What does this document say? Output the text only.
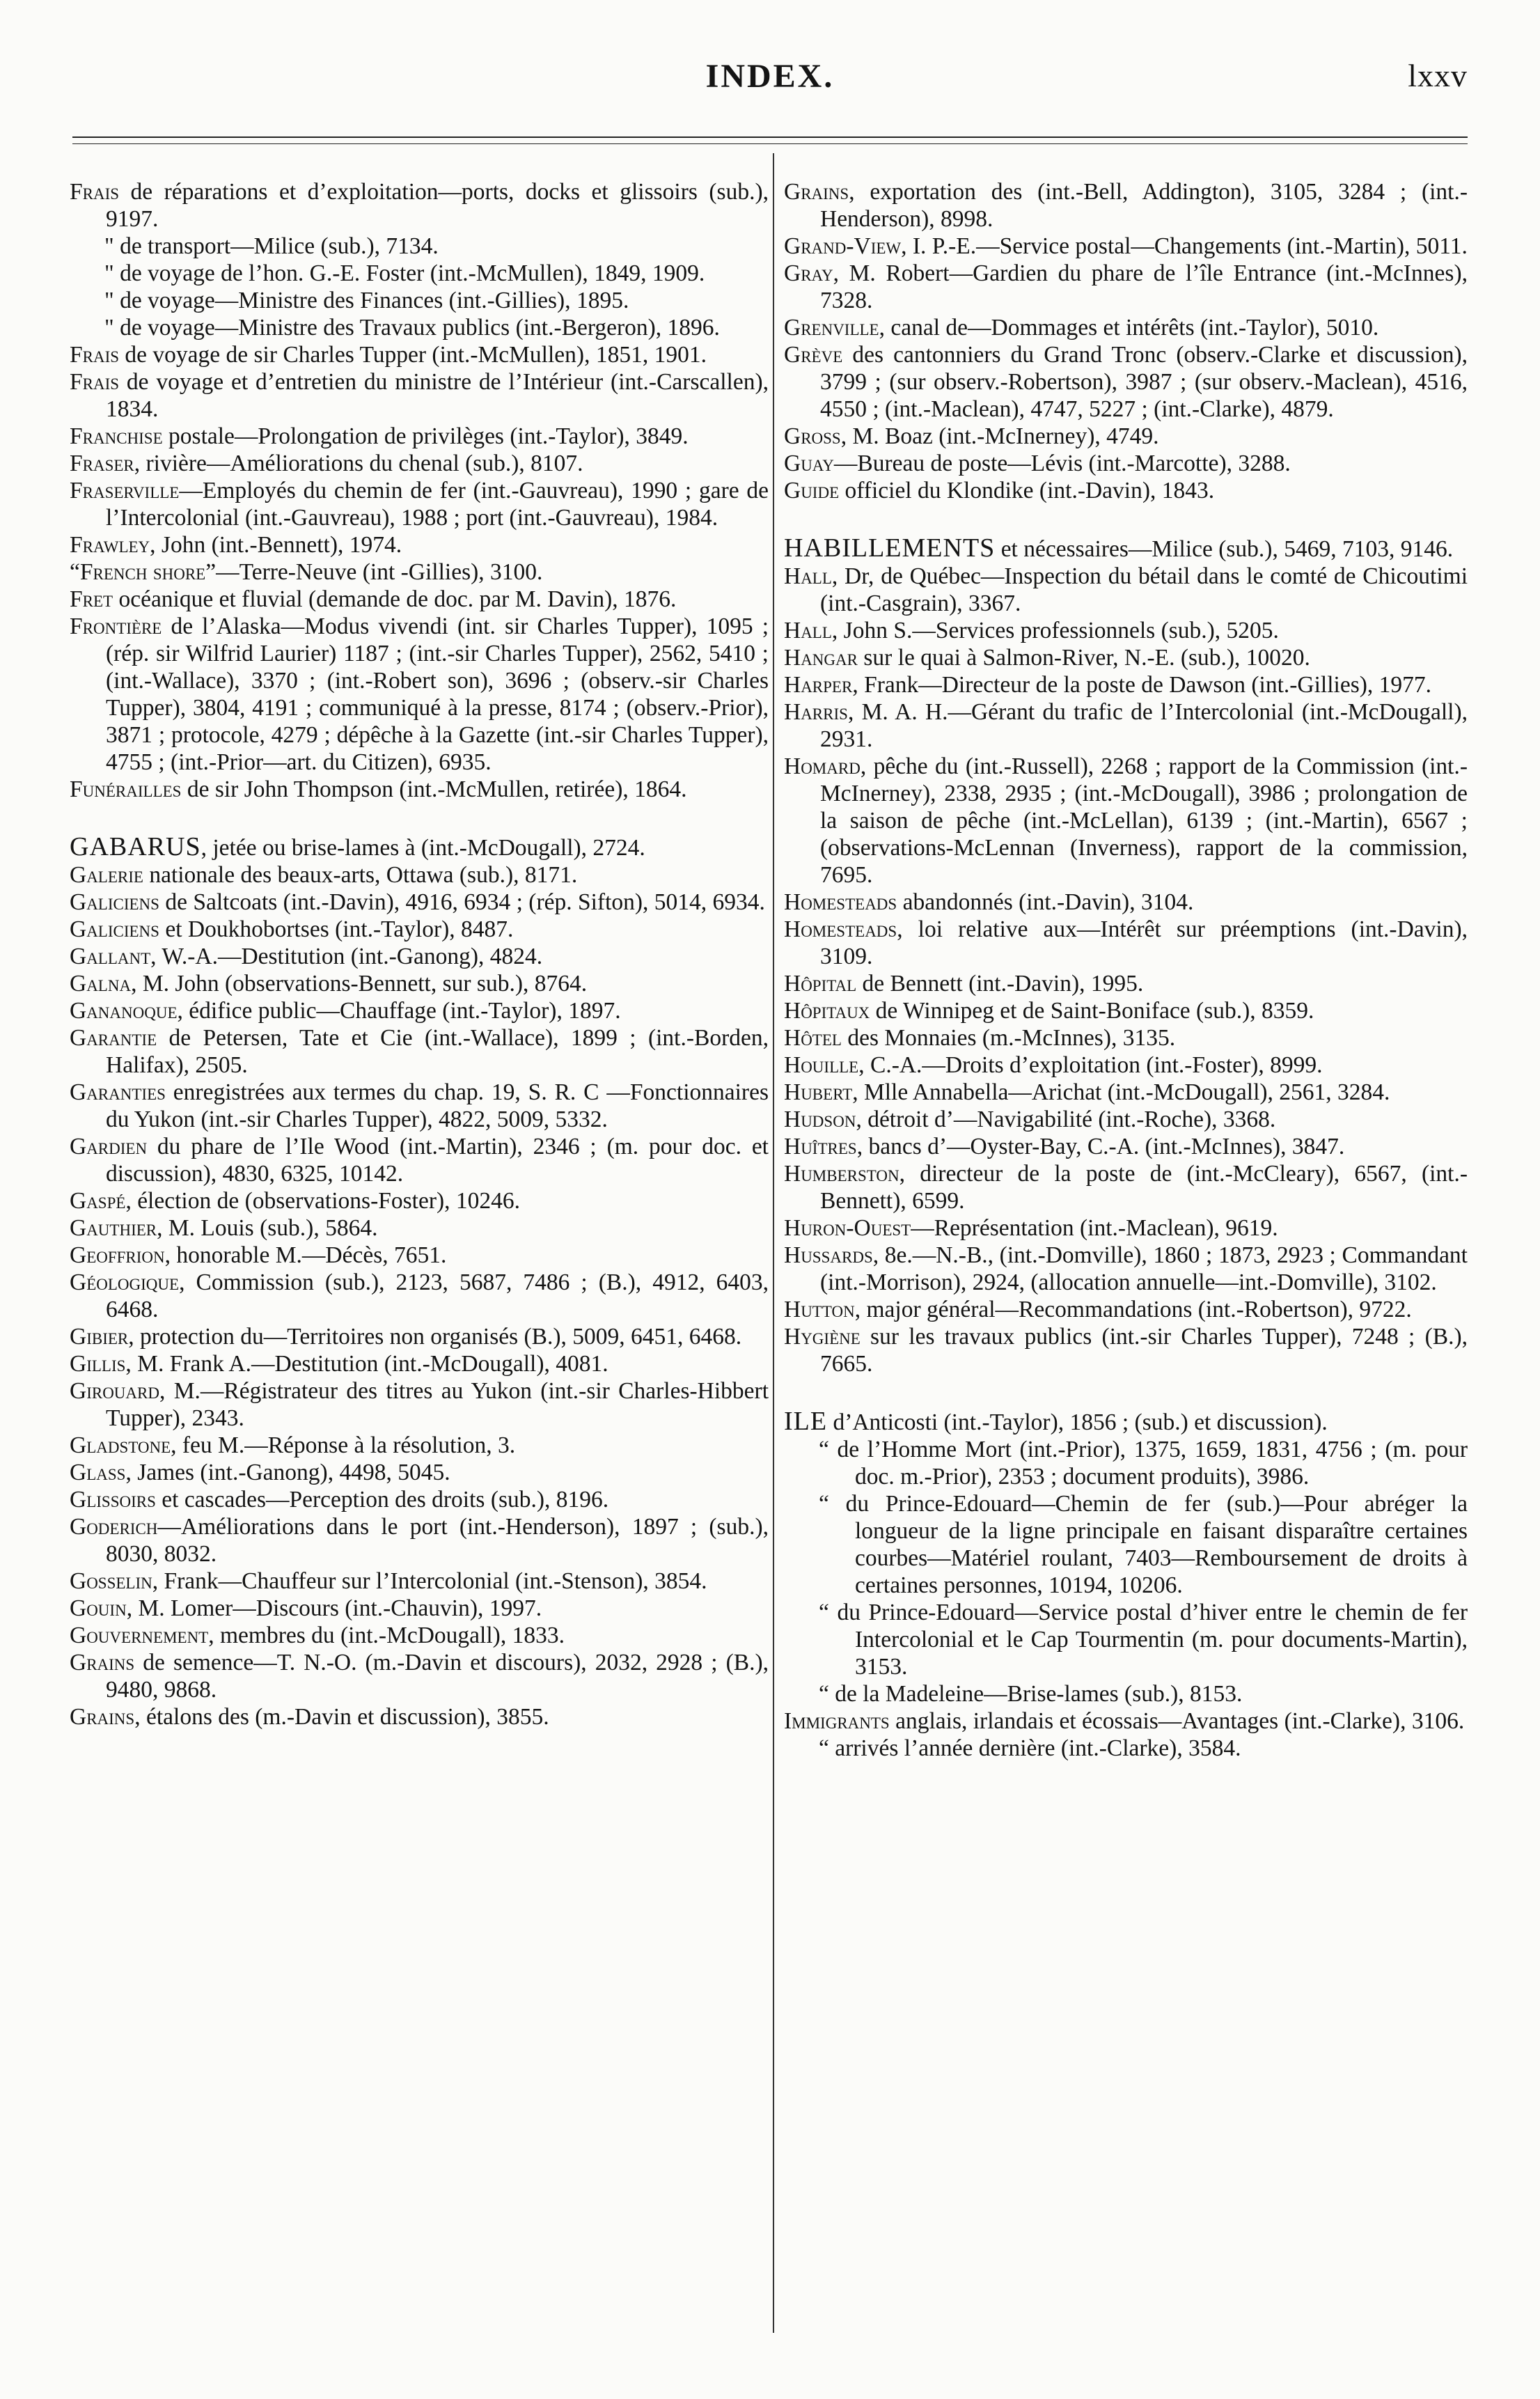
INDEX.	lxxv

Frais de réparations et d’exploitation—ports, docks et glissoirs (sub.), 9197.

" de transport—Milice (sub.), 7134.

" de voyage de l’hon. G.-E. Foster (int.-McMullen), 1849, 1909.

" de voyage—Ministre des Finances (int.-Gillies), 1895.

" de voyage—Ministre des Travaux publics (int.-Bergeron), 1896.

Frais de voyage de sir Charles Tupper (int.-McMullen), 1851, 1901.

Frais de voyage et d’entretien du ministre de l’Intérieur (int.-Carscallen), 1834.

Franchise postale—Prolongation de privilèges (int.-Taylor), 3849.

Fraser, rivière—Améliorations du chenal (sub.), 8107.

Fraserville—Employés du chemin de fer (int.-Gauvreau), 1990 ; gare de l’Intercolonial (int.-Gauvreau), 1988 ; port (int.-Gauvreau), 1984.

Frawley, John (int.-Bennett), 1974.

“French shore”—Terre-Neuve (int -Gillies), 3100.

Fret océanique et fluvial (demande de doc. par M. Davin), 1876.

Frontière de l’Alaska—Modus vivendi (int. sir Charles Tupper), 1095 ; (rép. sir Wilfrid Laurier) 1187 ; (int.-sir Charles Tupper), 2562, 5410 ; (int.-Wallace), 3370 ; (int.-Robert son), 3696 ; (observ.-sir Charles Tupper), 3804, 4191 ; communiqué à la presse, 8174 ; (observ.-Prior), 3871 ; protocole, 4279 ; dépêche à la Gazette (int.-sir Charles Tupper), 4755 ; (int.-Prior—art. du Citizen), 6935.

Funérailles de sir John Thompson (int.-McMullen, retirée), 1864.

GABARUS, jetée ou brise-lames à (int.-McDougall), 2724.

Galerie nationale des beaux-arts, Ottawa (sub.), 8171.

Galiciens de Saltcoats (int.-Davin), 4916, 6934 ; (rép. Sifton), 5014, 6934.

Galiciens et Doukhobortses (int.-Taylor), 8487.

Gallant, W.-A.—Destitution (int.-Ganong), 4824.

Galna, M. John (observations-Bennett, sur sub.), 8764.

Gananoque, édifice public—Chauffage (int.-Taylor), 1897.

Garantie de Petersen, Tate et Cie (int.-Wallace), 1899 ; (int.-Borden, Halifax), 2505.

Garanties enregistrées aux termes du chap. 19, S. R. C —Fonctionnaires du Yukon (int.-sir Charles Tupper), 4822, 5009, 5332.

Gardien du phare de l’Ile Wood (int.-Martin), 2346 ; (m. pour doc. et discussion), 4830, 6325, 10142.

Gaspé, élection de (observations-Foster), 10246.

Gauthier, M. Louis (sub.), 5864.

Geoffrion, honorable M.—Décès, 7651.

Géologique, Commission (sub.), 2123, 5687, 7486 ; (B.), 4912, 6403, 6468.

Gibier, protection du—Territoires non organisés (B.), 5009, 6451, 6468.

Gillis, M. Frank A.—Destitution (int.-McDougall), 4081.

Girouard, M.—Régistrateur des titres au Yukon (int.-sir Charles-Hibbert Tupper), 2343.

Gladstone, feu M.—Réponse à la résolution, 3.

Glass, James (int.-Ganong), 4498, 5045.

Glissoirs et cascades—Perception des droits (sub.), 8196.

Goderich—Améliorations dans le port (int.-Henderson), 1897 ; (sub.), 8030, 8032.

Gosselin, Frank—Chauffeur sur l’Intercolonial (int.-Stenson), 3854.

Gouin, M. Lomer—Discours (int.-Chauvin), 1997.

Gouvernement, membres du (int.-McDougall), 1833.

Grains de semence—T. N.-O. (m.-Davin et discours), 2032, 2928 ; (B.), 9480, 9868.

Grains, étalons des (m.-Davin et discussion), 3855.

Grains, exportation des (int.-Bell, Addington), 3105, 3284 ; (int.-Henderson), 8998.

Grand-View, I. P.-E.—Service postal—Changements (int.-Martin), 5011.

Gray, M. Robert—Gardien du phare de l’île Entrance (int.-McInnes), 7328.

Grenville, canal de—Dommages et intérêts (int.-Taylor), 5010.

Grève des cantonniers du Grand Tronc (observ.-Clarke et discussion), 3799 ; (sur observ.-Robertson), 3987 ; (sur observ.-Maclean), 4516, 4550 ; (int.-Maclean), 4747, 5227 ; (int.-Clarke), 4879.

Gross, M. Boaz (int.-McInerney), 4749.

Guay—Bureau de poste—Lévis (int.-Marcotte), 3288.

Guide officiel du Klondike (int.-Davin), 1843.

HABILLEMENTS et nécessaires—Milice (sub.), 5469, 7103, 9146.

Hall, Dr, de Québec—Inspection du bétail dans le comté de Chicoutimi (int.-Casgrain), 3367.

Hall, John S.—Services professionnels (sub.), 5205.

Hangar sur le quai à Salmon-River, N.-E. (sub.), 10020.

Harper, Frank—Directeur de la poste de Dawson (int.-Gillies), 1977.

Harris, M. A. H.—Gérant du trafic de l’Intercolonial (int.-McDougall), 2931.

Homard, pêche du (int.-Russell), 2268 ; rapport de la Commission (int.-McInerney), 2338, 2935 ; (int.-McDougall), 3986 ; prolongation de la saison de pêche (int.-McLellan), 6139 ; (int.-Martin), 6567 ; (observations-McLennan (Inverness), rapport de la commission, 7695.

Homesteads abandonnés (int.-Davin), 3104.

Homesteads, loi relative aux—Intérêt sur préemptions (int.-Davin), 3109.

Hôpital de Bennett (int.-Davin), 1995.

Hôpitaux de Winnipeg et de Saint-Boniface (sub.), 8359.

Hôtel des Monnaies (m.-McInnes), 3135.

Houille, C.-A.—Droits d’exploitation (int.-Foster), 8999.

Hubert, Mlle Annabella—Arichat (int.-McDougall), 2561, 3284.

Hudson, détroit d’—Navigabilité (int.-Roche), 3368.

Huîtres, bancs d’—Oyster-Bay, C.-A. (int.-McInnes), 3847.

Humberston, directeur de la poste de (int.-McCleary), 6567, (int.-Bennett), 6599.

Huron-Ouest—Représentation (int.-Maclean), 9619.

Hussards, 8e.—N.-B., (int.-Domville), 1860 ; 1873, 2923 ; Commandant (int.-Morrison), 2924, (allocation annuelle—int.-Domville), 3102.

Hutton, major général—Recommandations (int.-Robertson), 9722.

Hygiène sur les travaux publics (int.-sir Charles Tupper), 7248 ; (B.), 7665.

ILE d’Anticosti (int.-Taylor), 1856 ; (sub.) et discussion).

“ de l’Homme Mort (int.-Prior), 1375, 1659, 1831, 4756 ; (m. pour doc. m.-Prior), 2353 ; document produits), 3986.

“ du Prince-Edouard—Chemin de fer (sub.)—Pour abréger la longueur de la ligne principale en faisant disparaître certaines courbes—Matériel roulant, 7403—Remboursement de droits à certaines personnes, 10194, 10206.

“ du Prince-Edouard—Service postal d’hiver entre le chemin de fer Intercolonial et le Cap Tourmentin (m. pour documents-Martin), 3153.

“ de la Madeleine—Brise-lames (sub.), 8153.

Immigrants anglais, irlandais et écossais—Avantages (int.-Clarke), 3106.

“ arrivés l’année dernière (int.-Clarke), 3584.
